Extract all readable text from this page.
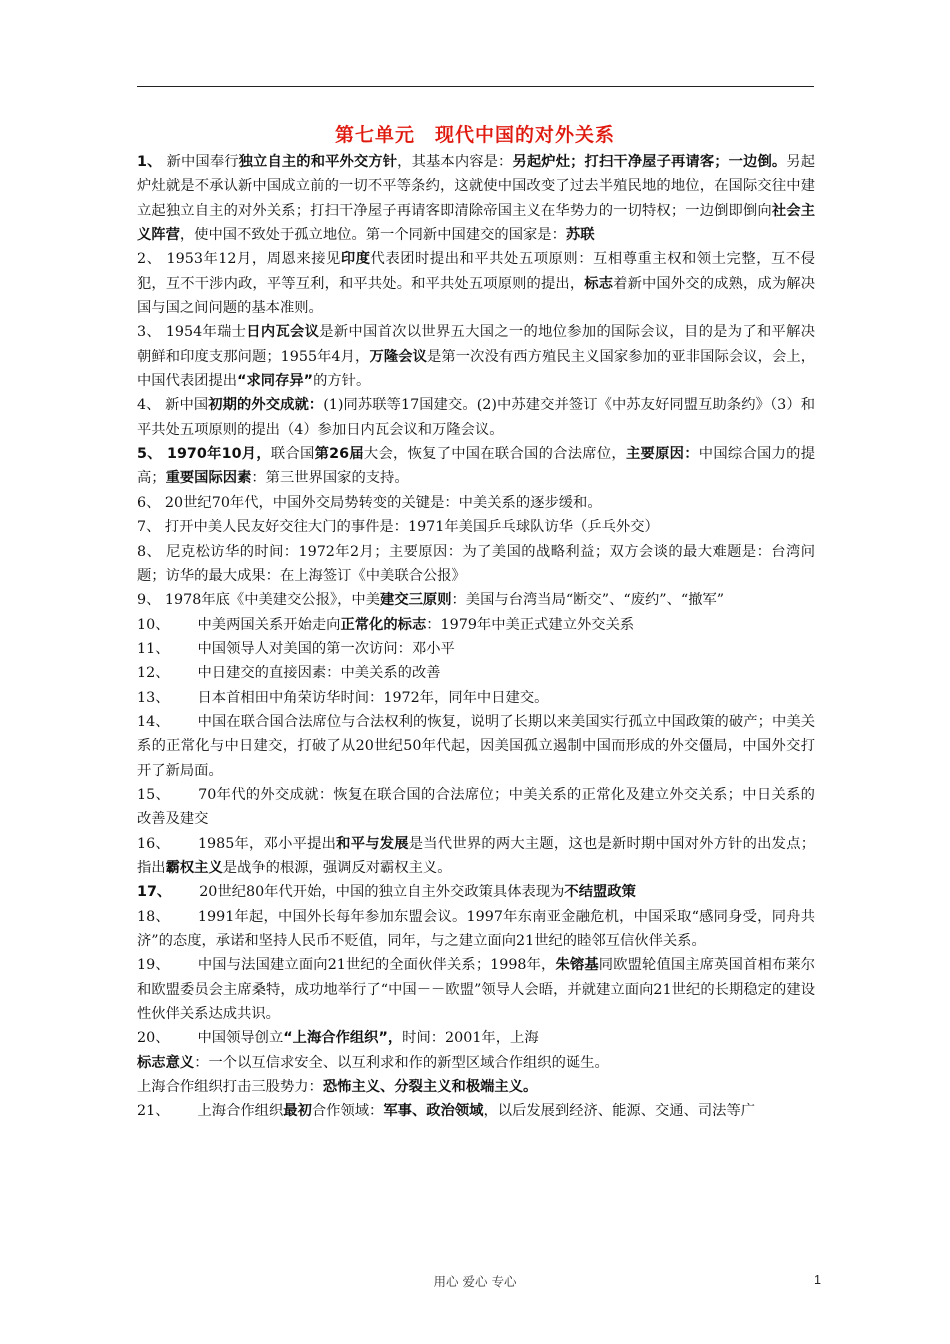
第七单元　现代中国的对外关系

1、 新中国奉行独立自主的和平外交方针，其基本内容是：另起炉灶；打扫干净屋子再请客；一边倒。另起炉灶就是不承认新中国成立前的一切不平等条约，这就使中国改变了过去半殖民地的地位，在国际交往中建立起独立自主的对外关系；打扫干净屋子再请客即清除帝国主义在华势力的一切特权；一边倒即倒向社会主义阵营，使中国不致处于孤立地位。第一个同新中国建交的国家是：苏联

2、 1953年12月，周恩来接见印度代表团时提出和平共处五项原则：互相尊重主权和领土完整，互不侵犯，互不干涉内政，平等互利，和平共处。和平共处五项原则的提出，标志着新中国外交的成熟，成为解决国与国之间问题的基本准则。

3、 1954年瑞士日内瓦会议是新中国首次以世界五大国之一的地位参加的国际会议，目的是为了和平解决朝鲜和印度支那问题；1955年4月，万隆会议是第一次没有西方殖民主义国家参加的亚非国际会议，会上，中国代表团提出“求同存异”的方针。

4、 新中国初期的外交成就：(1)同苏联等17国建交。(2)中苏建交并签订《中苏友好同盟互助条约》（3）和平共处五项原则的提出（4）参加日内瓦会议和万隆会议。

5、 1970年10月，联合国第26届大会，恢复了中国在联合国的合法席位，主要原因：中国综合国力的提高；重要国际因素：第三世界国家的支持。

6、 20世纪70年代，中国外交局势转变的关键是：中美关系的逐步缓和。

7、 打开中美人民友好交往大门的事件是：1971年美国乒乓球队访华（乒乓外交）

8、 尼克松访华的时间：1972年2月；主要原因：为了美国的战略利益；双方会谈的最大难题是：台湾问题；访华的最大成果：在上海签订《中美联合公报》

9、 1978年底《中美建交公报》，中美建交三原则：美国与台湾当局“断交”、“废约”、“撤军”

10、 中美两国关系开始走向正常化的标志：1979年中美正式建立外交关系

11、 中国领导人对美国的第一次访问：邓小平

12、 中日建交的直接因素：中美关系的改善

13、 日本首相田中角荣访华时间：1972年，同年中日建交。

14、 中国在联合国合法席位与合法权利的恢复，说明了长期以来美国实行孤立中国政策的破产；中美关系的正常化与中日建交，打破了从20世纪50年代起，因美国孤立遏制中国而形成的外交僵局，中国外交打开了新局面。

15、 70年代的外交成就：恢复在联合国的合法席位；中美关系的正常化及建立外交关系；中日关系的改善及建交

16、 1985年，邓小平提出和平与发展是当代世界的两大主题，这也是新时期中国对外方针的出发点；指出霸权主义是战争的根源，强调反对霸权主义。

17、 20世纪80年代开始，中国的独立自主外交政策具体表现为不结盟政策

18、 1991年起，中国外长每年参加东盟会议。1997年东南亚金融危机，中国采取“感同身受，同舟共济”的态度，承诺和坚持人民币不贬值，同年，与之建立面向21世纪的睦邻互信伙伴关系。

19、 中国与法国建立面向21世纪的全面伙伴关系；1998年，朱镕基同欧盟轮值国主席英国首相布莱尔和欧盟委员会主席桑特，成功地举行了“中国－－欧盟”领导人会晤，并就建立面向21世纪的长期稳定的建设性伙伴关系达成共识。

20、 中国领导创立“上海合作组织”，时间：2001年，上海

标志意义：一个以互信求安全、以互利求和作的新型区域合作组织的诞生。

上海合作组织打击三股势力：恐怖主义、分裂主义和极端主义。

21、 上海合作组织最初合作领域：军事、政治领域，以后发展到经济、能源、交通、司法等广

用心 爱心 专心	1
